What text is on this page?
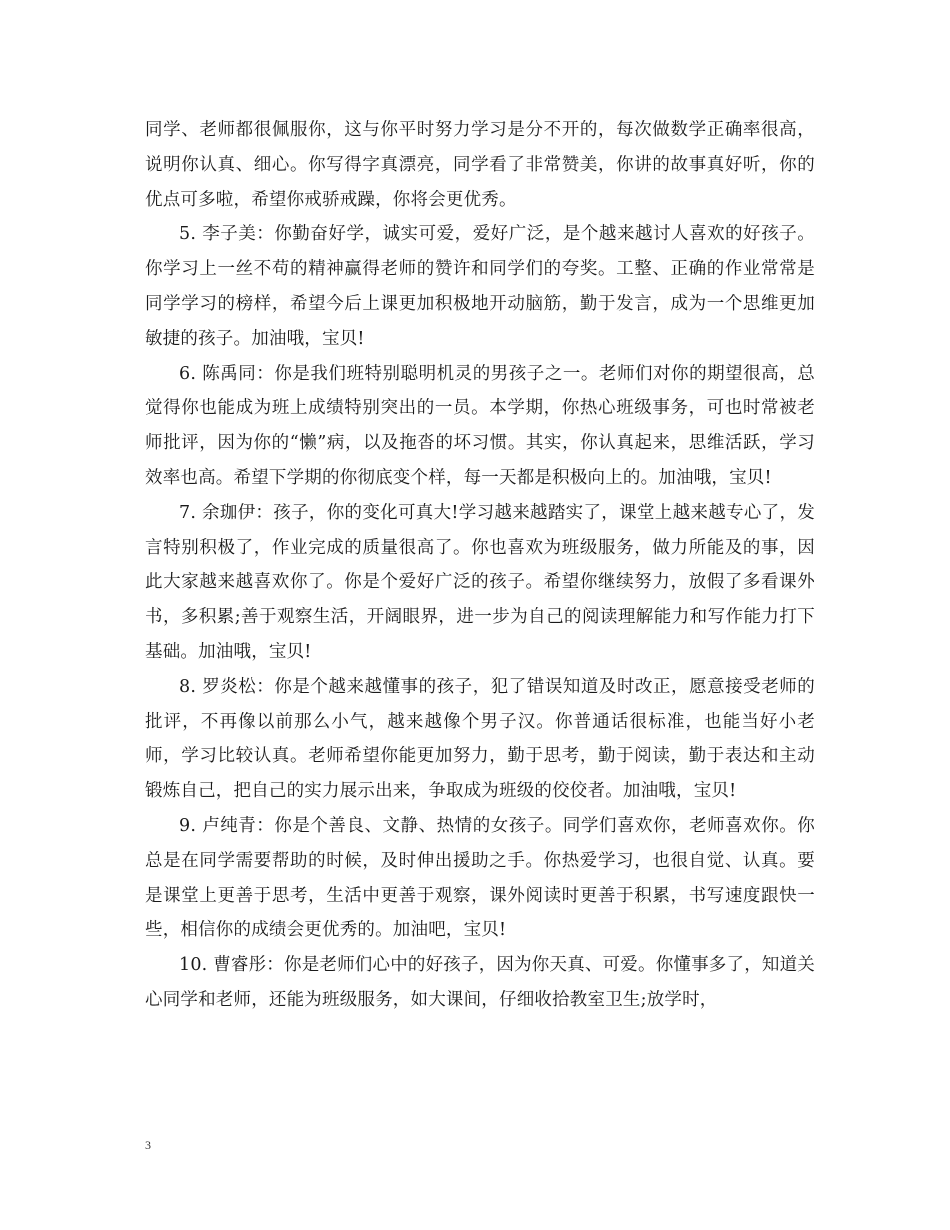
同学、老师都很佩服你，这与你平时努力学习是分不开的，每次做数学正确率很高，说明你认真、细心。你写得字真漂亮，同学看了非常赞美，你讲的故事真好听，你的优点可多啦，希望你戒骄戒躁，你将会更优秀。

5. 李子美：你勤奋好学，诚实可爱，爱好广泛，是个越来越讨人喜欢的好孩子。你学习上一丝不苟的精神赢得老师的赞许和同学们的夸奖。工整、正确的作业常常是同学学习的榜样，希望今后上课更加积极地开动脑筋，勤于发言，成为一个思维更加敏捷的孩子。加油哦，宝贝!

6. 陈禹同：你是我们班特别聪明机灵的男孩子之一。老师们对你的期望很高，总觉得你也能成为班上成绩特别突出的一员。本学期，你热心班级事务，可也时常被老师批评，因为你的“懒”病，以及拖沓的坏习惯。其实，你认真起来，思维活跃，学习效率也高。希望下学期的你彻底变个样，每一天都是积极向上的。加油哦，宝贝!

7. 余珈伊：孩子，你的变化可真大!学习越来越踏实了，课堂上越来越专心了，发言特别积极了，作业完成的质量很高了。你也喜欢为班级服务，做力所能及的事，因此大家越来越喜欢你了。你是个爱好广泛的孩子。希望你继续努力，放假了多看课外书，多积累;善于观察生活，开阔眼界，进一步为自己的阅读理解能力和写作能力打下基础。加油哦，宝贝!

8. 罗炎松：你是个越来越懂事的孩子，犯了错误知道及时改正，愿意接受老师的批评，不再像以前那么小气，越来越像个男子汉。你普通话很标准，也能当好小老师，学习比较认真。老师希望你能更加努力，勤于思考，勤于阅读，勤于表达和主动锻炼自己，把自己的实力展示出来，争取成为班级的佼佼者。加油哦，宝贝!

9. 卢纯青：你是个善良、文静、热情的女孩子。同学们喜欢你，老师喜欢你。你总是在同学需要帮助的时候，及时伸出援助之手。你热爱学习，也很自觉、认真。要是课堂上更善于思考，生活中更善于观察，课外阅读时更善于积累，书写速度跟快一些，相信你的成绩会更优秀的。加油吧，宝贝!

10. 曹睿彤：你是老师们心中的好孩子，因为你天真、可爱。你懂事多了，知道关心同学和老师，还能为班级服务，如大课间，仔细收拾教室卫生;放学时，

3
